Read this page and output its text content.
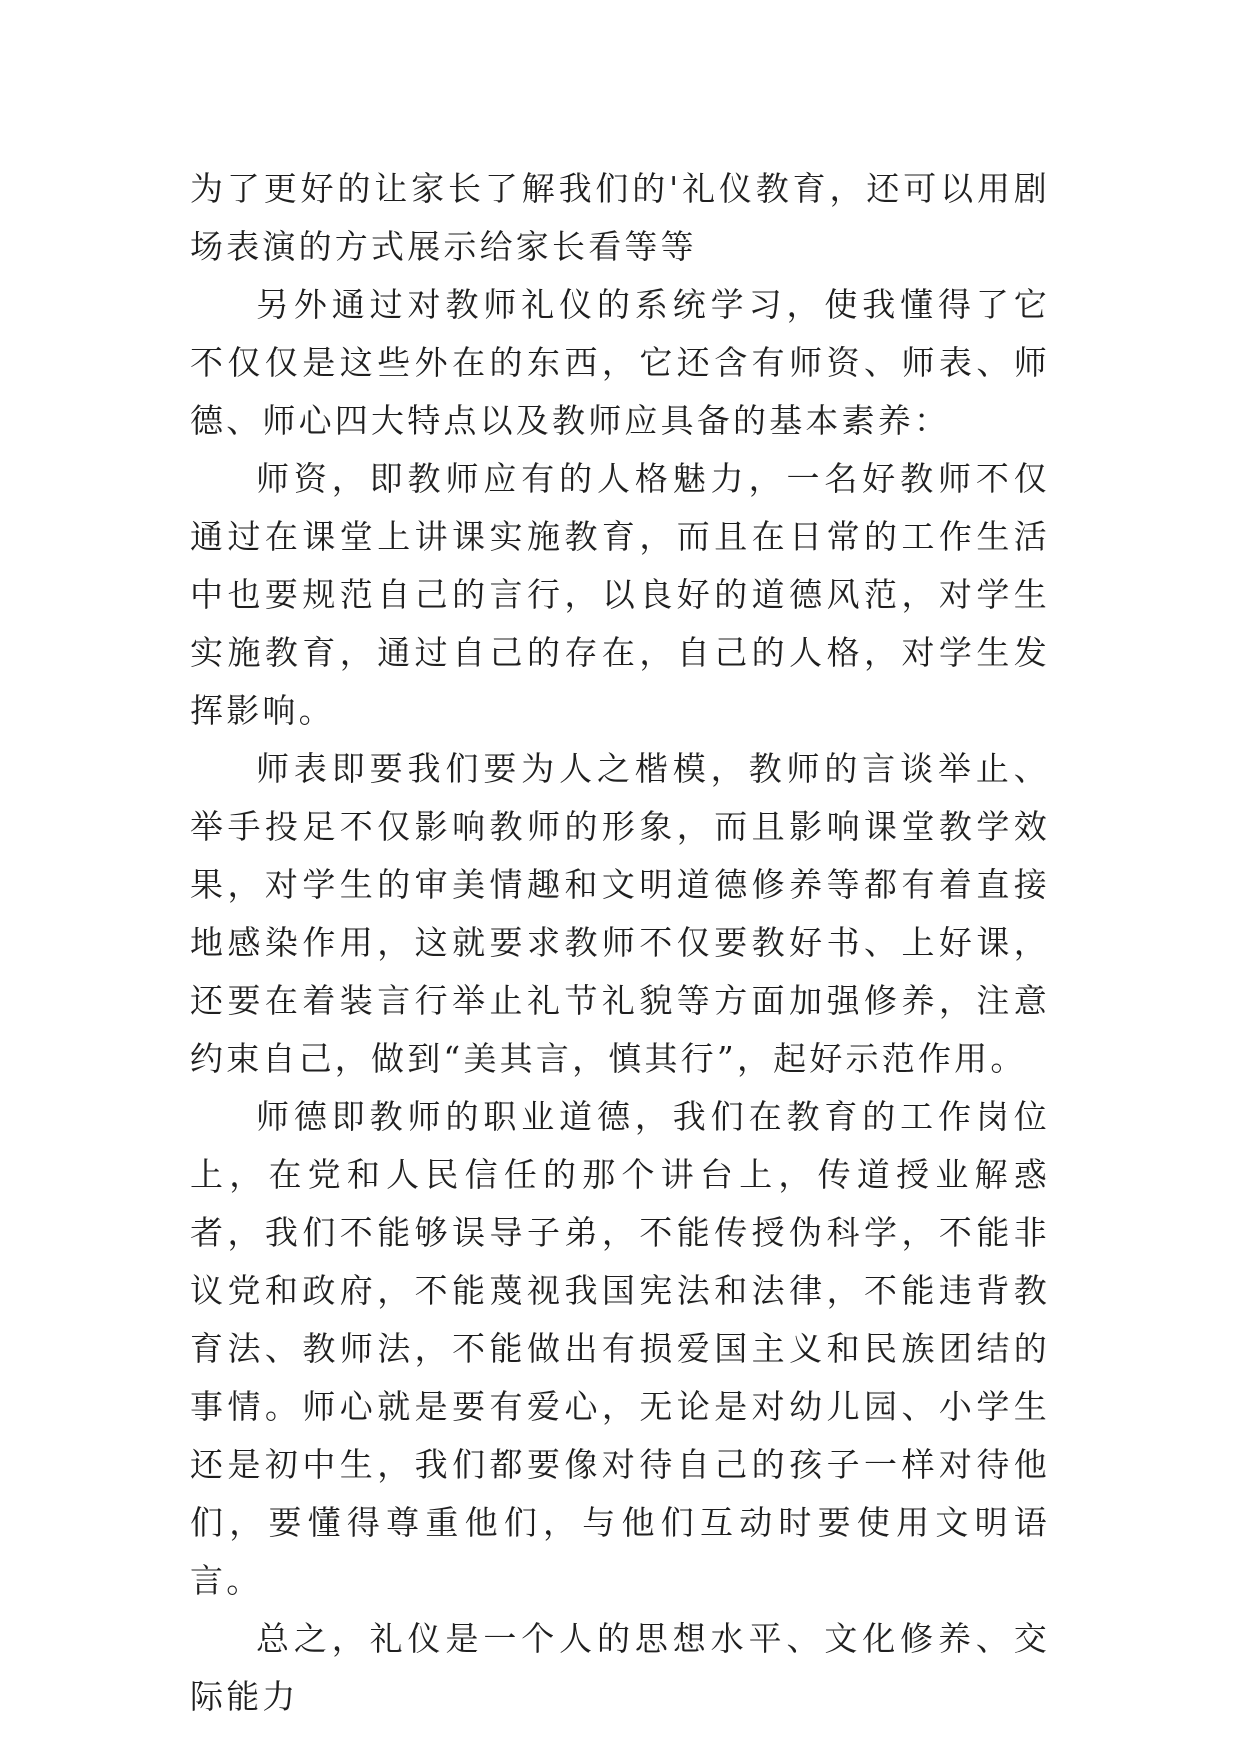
为了更好的让家长了解我们的'礼仪教育，还可以用剧场表演的方式展示给家长看等等

另外通过对教师礼仪的系统学习，使我懂得了它不仅仅是这些外在的东西，它还含有师资、师表、师德、师心四大特点以及教师应具备的基本素养：

师资，即教师应有的人格魅力，一名好教师不仅通过在课堂上讲课实施教育，而且在日常的工作生活中也要规范自己的言行，以良好的道德风范，对学生实施教育，通过自己的存在，自己的人格，对学生发挥影响。

师表即要我们要为人之楷模，教师的言谈举止、举手投足不仅影响教师的形象，而且影响课堂教学效果，对学生的审美情趣和文明道德修养等都有着直接地感染作用，这就要求教师不仅要教好书、上好课，还要在着装言行举止礼节礼貌等方面加强修养，注意约束自己，做到“美其言，慎其行”，起好示范作用。

师德即教师的职业道德，我们在教育的工作岗位上，在党和人民信任的那个讲台上，传道授业解惑者，我们不能够误导子弟，不能传授伪科学，不能非议党和政府，不能蔑视我国宪法和法律，不能违背教育法、教师法，不能做出有损爱国主义和民族团结的事情。师心就是要有爱心，无论是对幼儿园、小学生还是初中生，我们都要像对待自己的孩子一样对待他们，要懂得尊重他们，与他们互动时要使用文明语言。

总之，礼仪是一个人的思想水平、文化修养、交际能力
